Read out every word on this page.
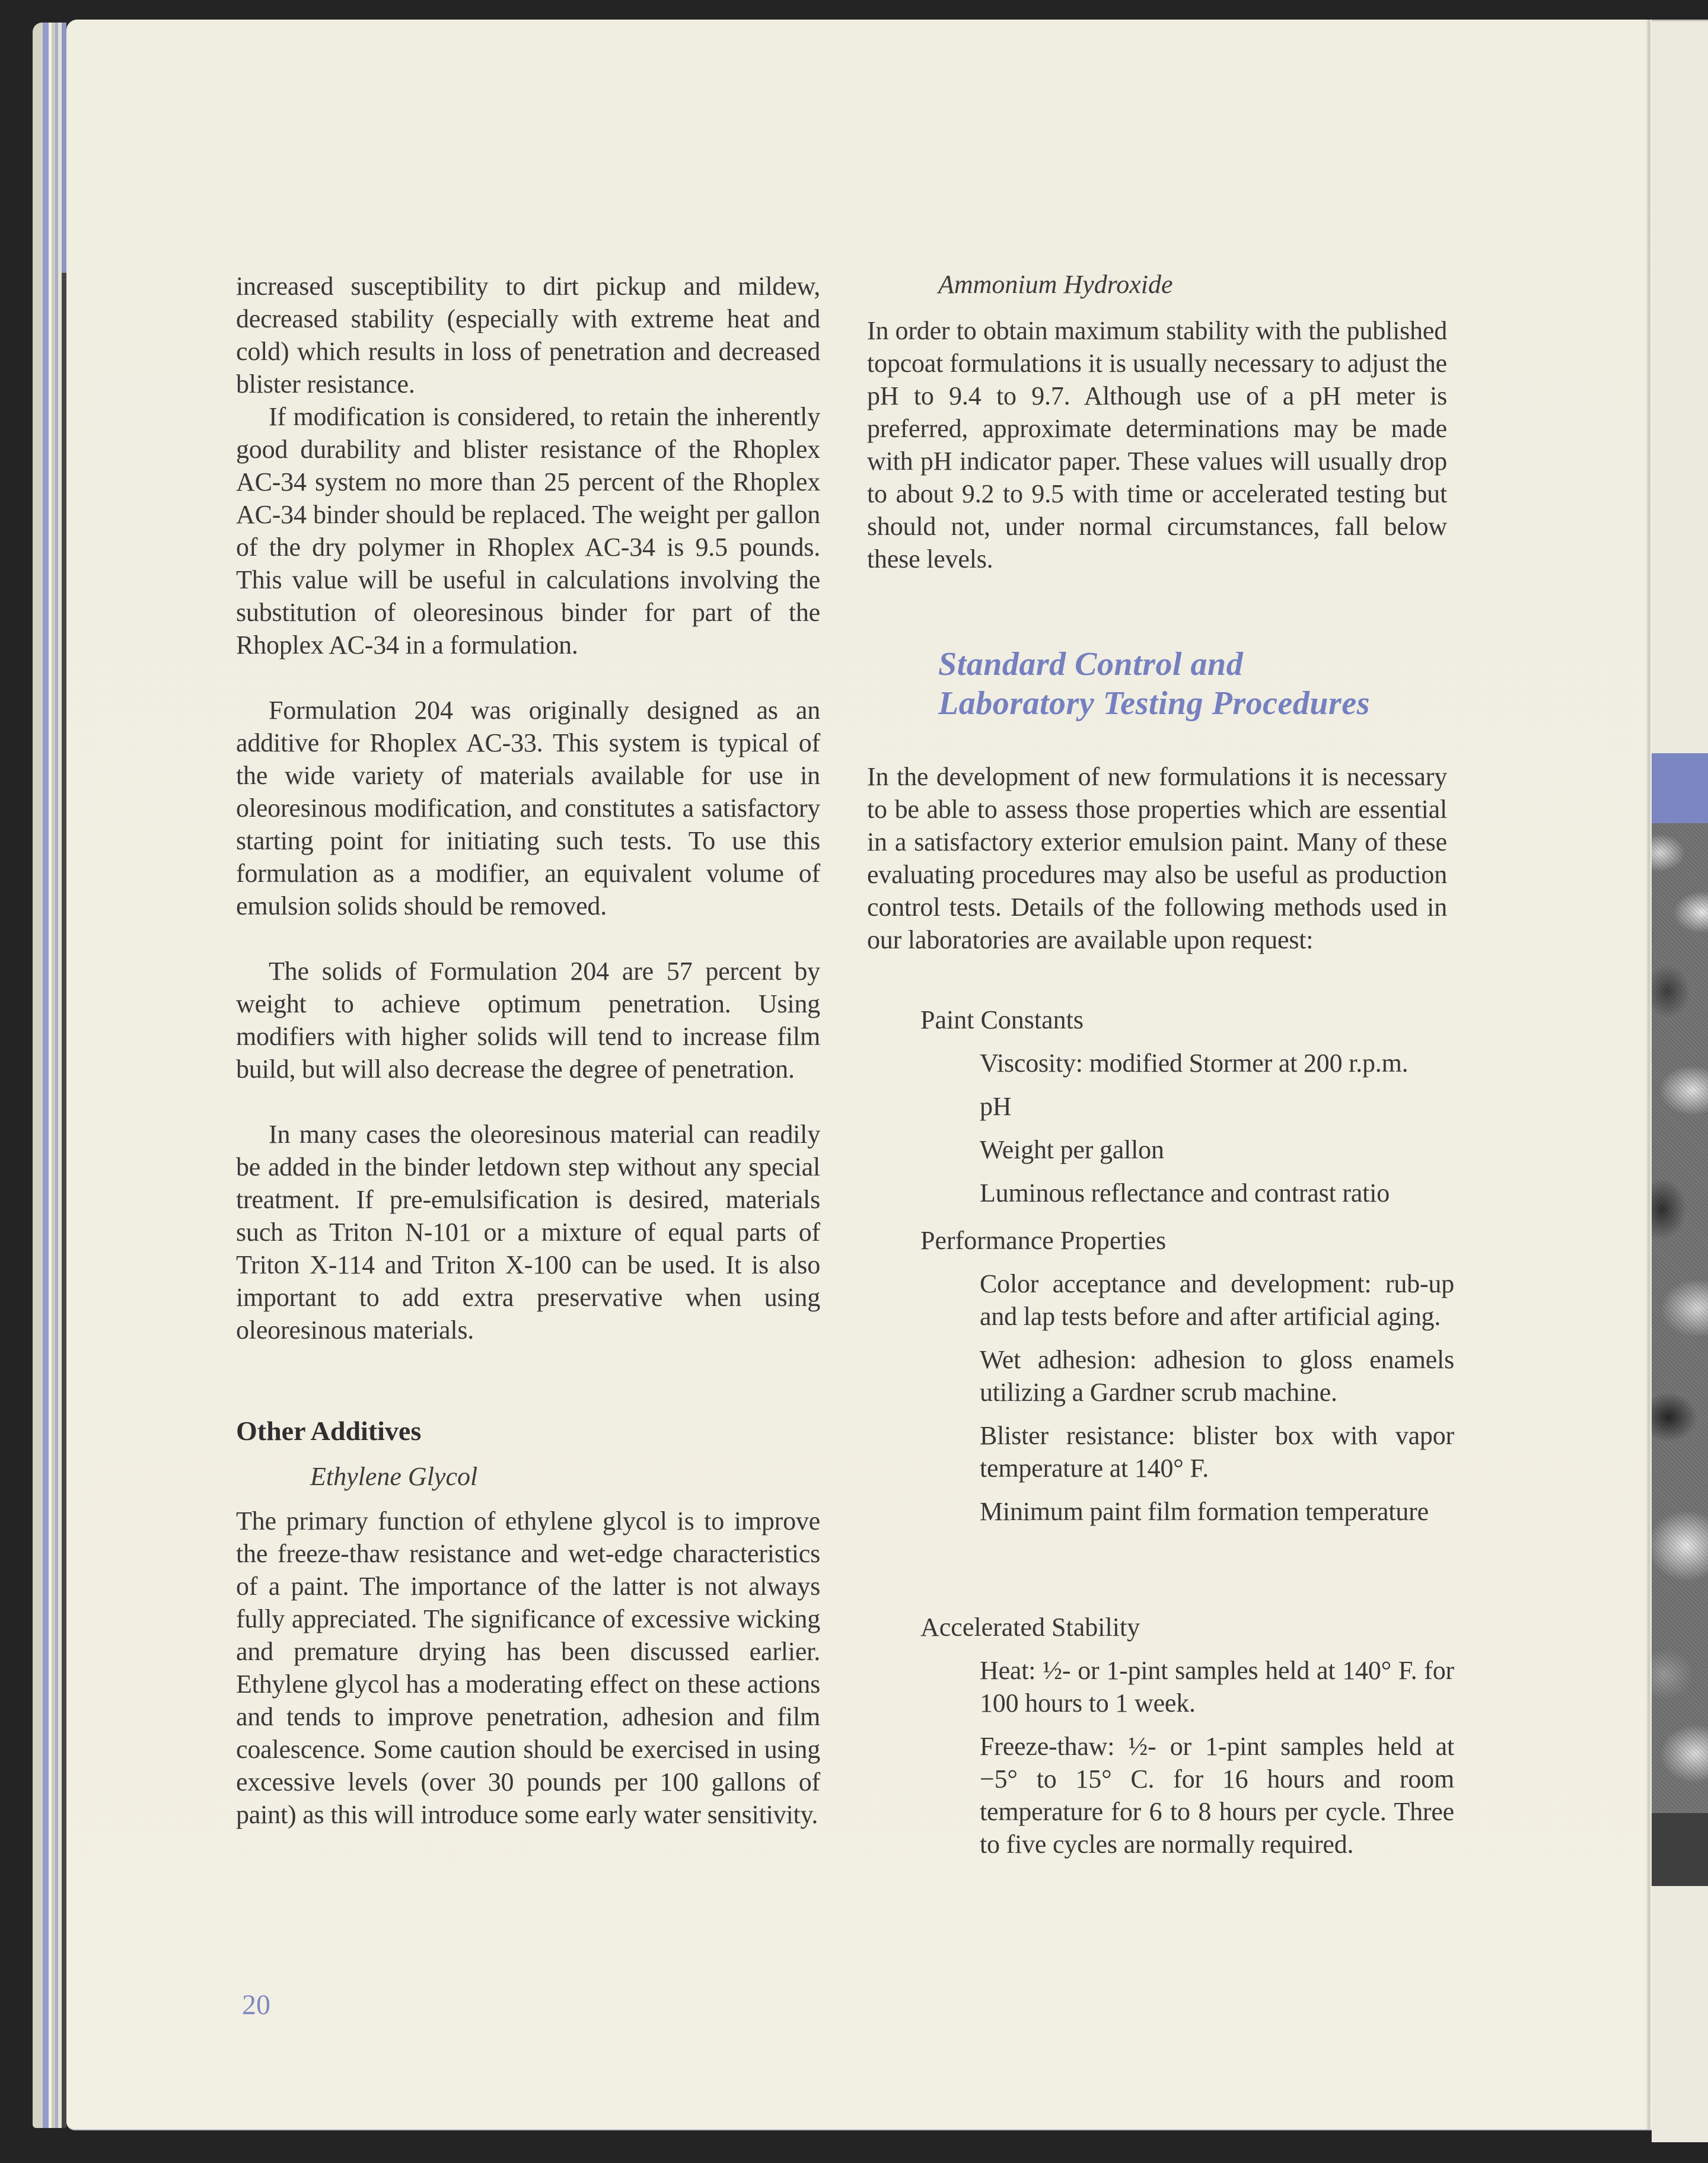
increased susceptibility to dirt pickup and mildew, decreased stability (especially with extreme heat and cold) which results in loss of penetration and decreased blister resistance.
If modification is considered, to retain the inherently good durability and blister resistance of the Rhoplex AC-34 system no more than 25 percent of the Rhoplex AC-34 binder should be replaced. The weight per gallon of the dry polymer in Rhoplex AC-34 is 9.5 pounds. This value will be useful in calculations involving the substitution of oleoresinous binder for part of the Rhoplex AC-34 in a formulation.
Formulation 204 was originally designed as an additive for Rhoplex AC-33. This system is typical of the wide variety of materials available for use in oleoresinous modification, and constitutes a satisfactory starting point for initiating such tests. To use this formulation as a modifier, an equivalent volume of emulsion solids should be removed.
The solids of Formulation 204 are 57 percent by weight to achieve optimum penetration. Using modifiers with higher solids will tend to increase film build, but will also decrease the degree of penetration.
In many cases the oleoresinous material can readily be added in the binder letdown step without any special treatment. If pre-emulsification is desired, materials such as Triton N-101 or a mixture of equal parts of Triton X-114 and Triton X-100 can be used. It is also important to add extra preservative when using oleoresinous materials.
Other Additives
Ethylene Glycol
The primary function of ethylene glycol is to improve the freeze-thaw resistance and wet-edge characteristics of a paint. The importance of the latter is not always fully appreciated. The significance of excessive wicking and premature drying has been discussed earlier. Ethylene glycol has a moderating effect on these actions and tends to improve penetration, adhesion and film coalescence. Some caution should be exercised in using excessive levels (over 30 pounds per 100 gallons of paint) as this will introduce some early water sensitivity.
20
Ammonium Hydroxide
In order to obtain maximum stability with the published topcoat formulations it is usually necessary to adjust the pH to 9.4 to 9.7. Although use of a pH meter is preferred, approximate determinations may be made with pH indicator paper. These values will usually drop to about 9.2 to 9.5 with time or accelerated testing but should not, under normal circumstances, fall below these levels.
Standard Control and
Laboratory Testing Procedures
In the development of new formulations it is necessary to be able to assess those properties which are essential in a satisfactory exterior emulsion paint. Many of these evaluating procedures may also be useful as production control tests. Details of the following methods used in our laboratories are available upon request:
Paint Constants
Viscosity: modified Stormer at 200 r.p.m.
pH
Weight per gallon
Luminous reflectance and contrast ratio
Performance Properties
Color acceptance and development: rub-up and lap tests before and after artificial aging.
Wet adhesion: adhesion to gloss enamels utilizing a Gardner scrub machine.
Blister resistance: blister box with vapor temperature at 140° F.
Minimum paint film formation temperature
Accelerated Stability
Heat: ½- or 1-pint samples held at 140° F. for 100 hours to 1 week.
Freeze-thaw: ½- or 1-pint samples held at −5° to 15° C. for 16 hours and room temperature for 6 to 8 hours per cycle. Three to five cycles are normally required.
